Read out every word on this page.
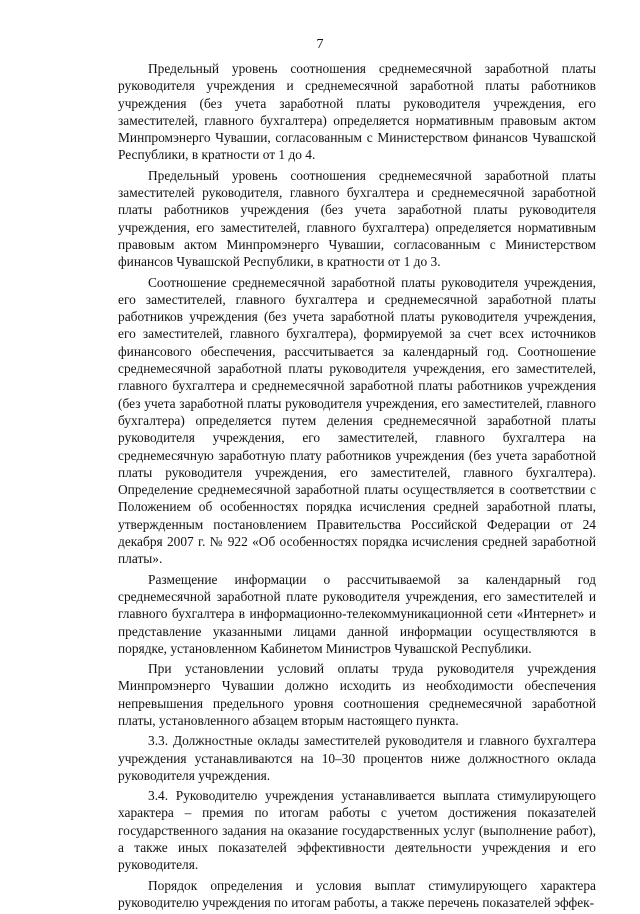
7

Предельный уровень соотношения среднемесячной заработной платы руководителя учреждения и среднемесячной заработной платы работников учреждения (без учета заработной платы руководителя учреждения, его заместителей, главного бухгалтера) определяется нормативным правовым актом Минпромэнерго Чувашии, согласованным с Министерством финансов Чувашской Республики, в кратности от 1 до 4.

Предельный уровень соотношения среднемесячной заработной платы заместителей руководителя, главного бухгалтера и среднемесячной заработной платы работников учреждения (без учета заработной платы руководителя учреждения, его заместителей, главного бухгалтера) определяется нормативным правовым актом Минпромэнерго Чувашии, согласованным с Министерством финансов Чувашской Республики, в кратности от 1 до 3.

Соотношение среднемесячной заработной платы руководителя учреждения, его заместителей, главного бухгалтера и среднемесячной заработной платы работников учреждения (без учета заработной платы руководителя учреждения, его заместителей, главного бухгалтера), формируемой за счет всех источников финансового обеспечения, рассчитывается за календарный год. Соотношение среднемесячной заработной платы руководителя учреждения, его заместителей, главного бухгалтера и среднемесячной заработной платы работников учреждения (без учета заработной платы руководителя учреждения, его заместителей, главного бухгалтера) определяется путем деления среднемесячной заработной платы руководителя учреждения, его заместителей, главного бухгалтера на среднемесячную заработную плату работников учреждения (без учета заработной платы руководителя учреждения, его заместителей, главного бухгалтера). Определение среднемесячной заработной платы осуществляется в соответствии с Положением об особенностях порядка исчисления средней заработной платы, утвержденным постановлением Правительства Российской Федерации от 24 декабря 2007 г. № 922 «Об особенностях порядка исчисления средней заработной платы».

Размещение информации о рассчитываемой за календарный год среднемесячной заработной плате руководителя учреждения, его заместителей и главного бухгалтера в информационно-телекоммуникационной сети «Интернет» и представление указанными лицами данной информации осуществляются в порядке, установленном Кабинетом Министров Чувашской Республики.

При установлении условий оплаты труда руководителя учреждения Минпромэнерго Чувашии должно исходить из необходимости обеспечения непревышения предельного уровня соотношения среднемесячной заработной платы, установленного абзацем вторым настоящего пункта.

3.3. Должностные оклады заместителей руководителя и главного бухгалтера учреждения устанавливаются на 10–30 процентов ниже должностного оклада руководителя учреждения.

3.4. Руководителю учреждения устанавливается выплата стимулирующего характера – премия по итогам работы с учетом достижения показателей государственного задания на оказание государственных услуг (выполнение работ), а также иных показателей эффективности деятельности учреждения и его руководителя.

Порядок определения и условия выплат стимулирующего характера руководителю учреждения по итогам работы, а также перечень показателей эффек-
